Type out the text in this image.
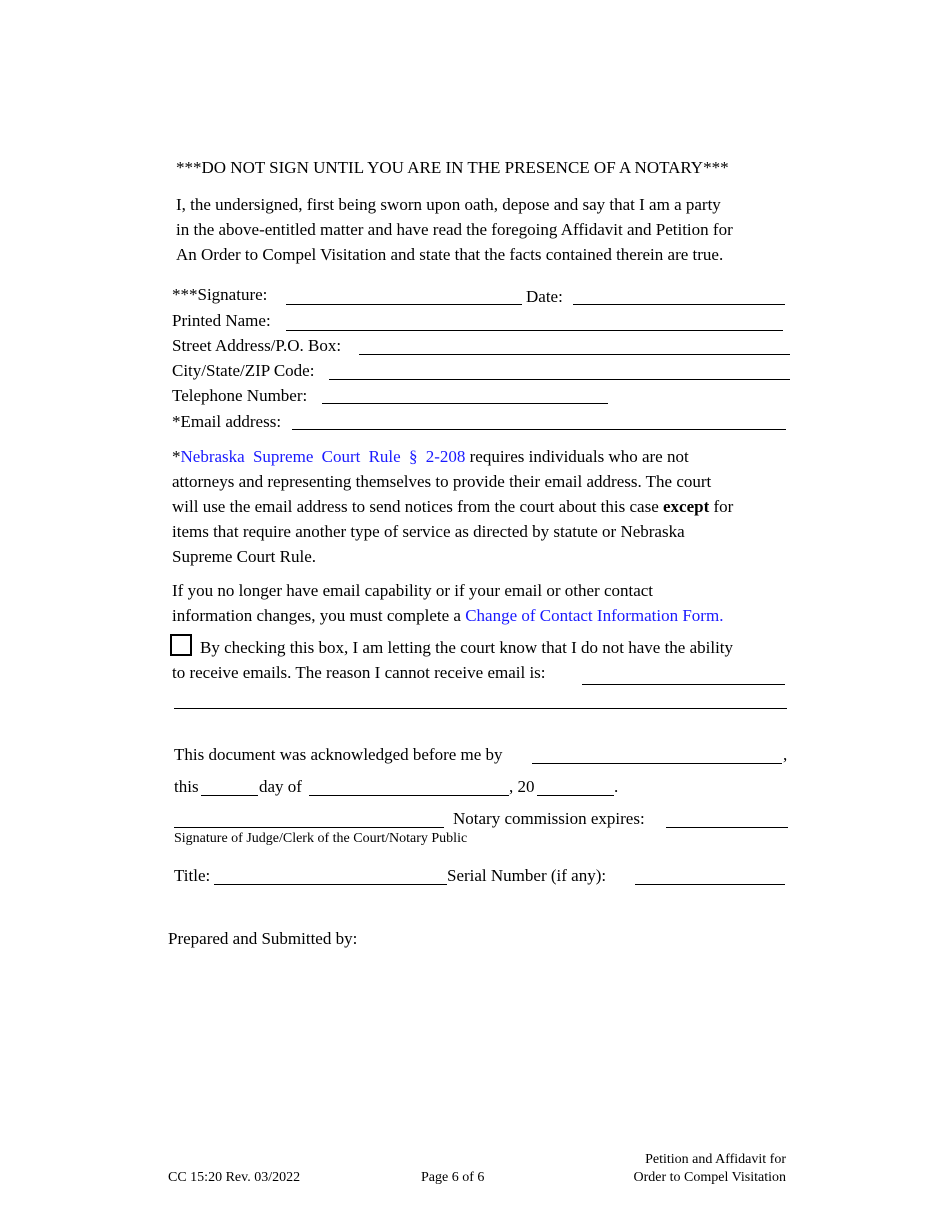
***DO NOT SIGN UNTIL YOU ARE IN THE PRESENCE OF A NOTARY***
I, the undersigned, first being sworn upon oath, depose and say that I am a party
in the above-entitled matter and have read the foregoing Affidavit and Petition for
An Order to Compel Visitation and state that the facts contained therein are true.
***Signature:	Date:
Printed Name:
Street Address/P.O. Box:
City/State/ZIP Code:
Telephone Number:
*Email address:
*Nebraska Supreme Court Rule § 2-208 requires individuals who are not
attorneys and representing themselves to provide their email address. The court
will use the email address to send notices from the court about this case except for
items that require another type of service as directed by statute or Nebraska
Supreme Court Rule.
If you no longer have email capability or if your email or other contact
information changes, you must complete a Change of Contact Information Form.
By checking this box, I am letting the court know that I do not have the ability
to receive emails. The reason I cannot receive email is:
This document was acknowledged before me by	,
this	day of	, 20	.
Notary commission expires:
Signature of Judge/Clerk of the Court/Notary Public
Title:	Serial Number (if any):
Prepared and Submitted by:
CC 15:20 Rev. 03/2022	Page 6 of 6
Petition and Affidavit for
Order to Compel Visitation
